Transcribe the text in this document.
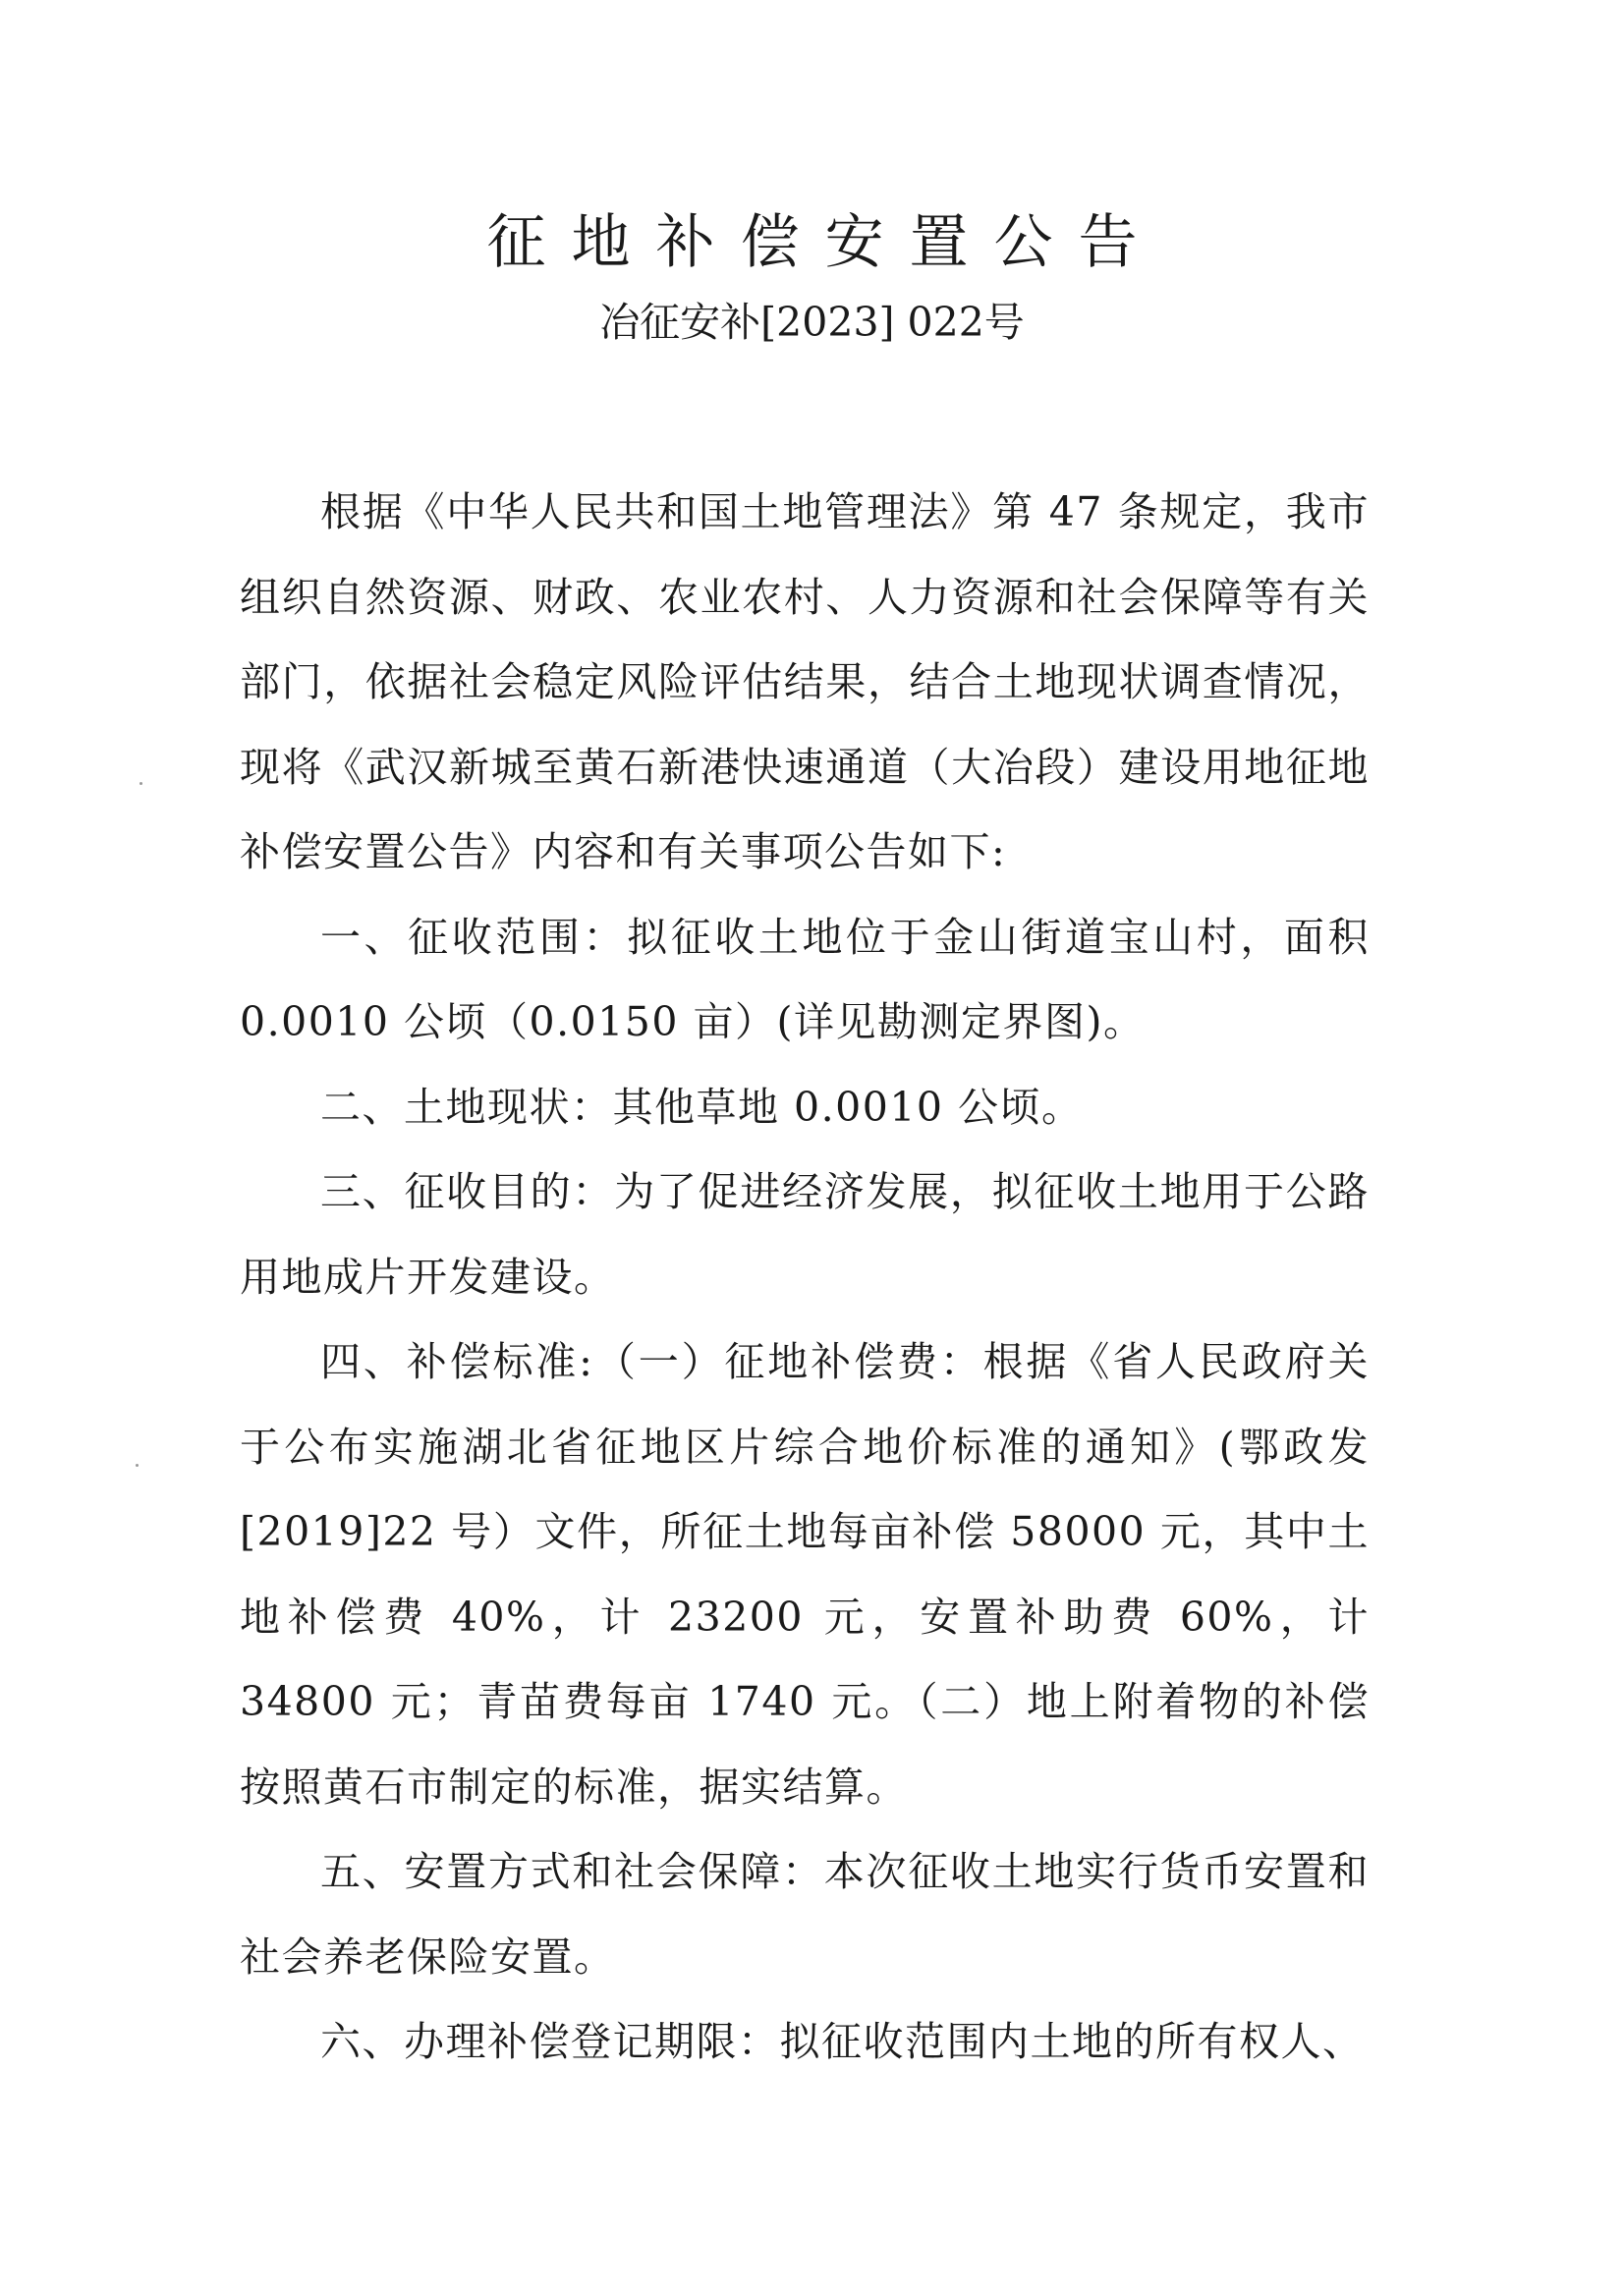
征地补偿安置公告
冶征安补[2023] 022号

根据《中华人民共和国土地管理法》第 47 条规定，我市组织自然资源、财政、农业农村、人力资源和社会保障等有关部门，依据社会稳定风险评估结果，结合土地现状调查情况，现将《武汉新城至黄石新港快速通道（大冶段）建设用地征地补偿安置公告》内容和有关事项公告如下:

一、征收范围：拟征收土地位于金山街道宝山村，面积 0.0010 公顷（0.0150 亩）(详见勘测定界图)。

二、土地现状：其他草地 0.0010 公顷。

三、征收目的：为了促进经济发展，拟征收土地用于公路用地成片开发建设。

四、补偿标准:（一）征地补偿费：根据《省人民政府关于公布实施湖北省征地区片综合地价标准的通知》(鄂政发[2019]22 号）文件，所征土地每亩补偿 58000 元，其中土地补偿费 40%，计 23200 元，安置补助费 60%，计 34800 元；青苗费每亩 1740 元。（二）地上附着物的补偿按照黄石市制定的标准，据实结算。

五、安置方式和社会保障：本次征收土地实行货币安置和社会养老保险安置。

六、办理补偿登记期限：拟征收范围内土地的所有权人、
